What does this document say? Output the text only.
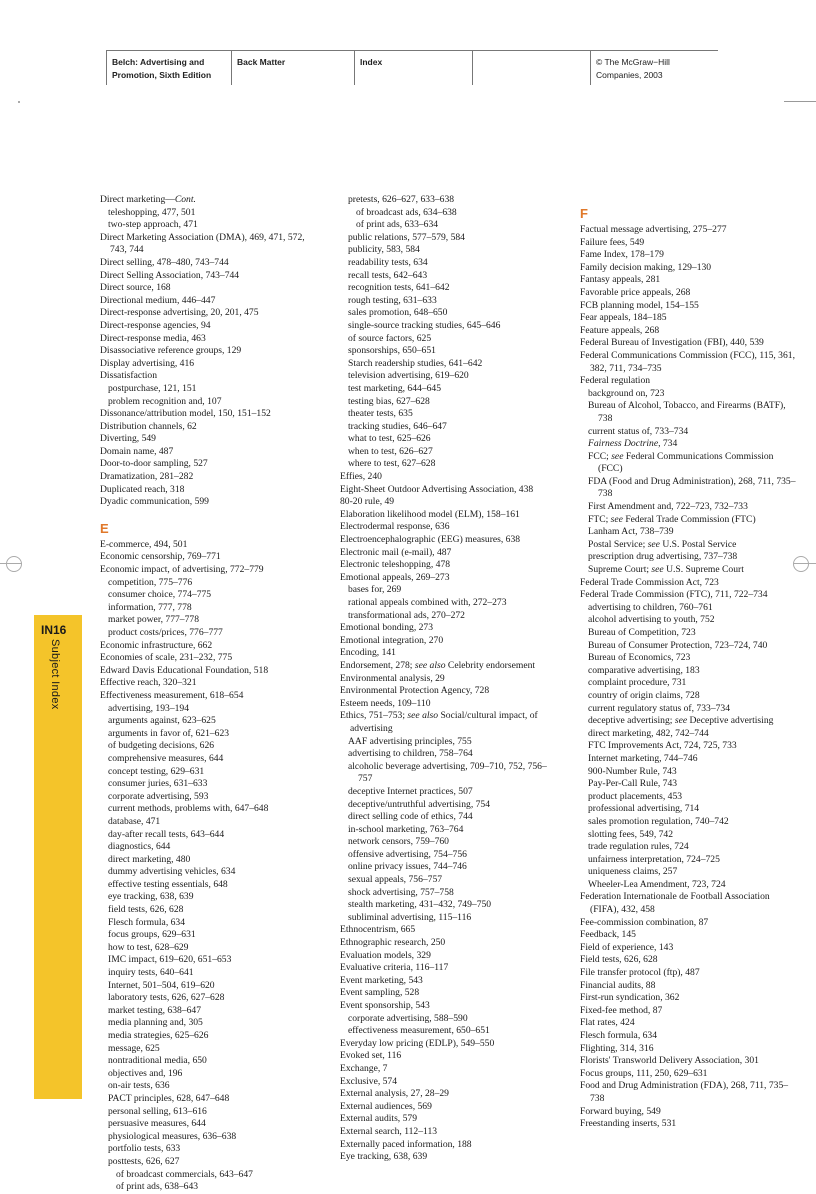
Belch: Advertising and
Promotion, Sixth Edition
Back Matter	Index	© The McGraw−Hill
Companies, 2003
IN16
Subject Index
Direct marketing—Cont.
teleshopping, 477, 501
two-step approach, 471
Direct Marketing Association (DMA), 469, 471, 572, 743, 744
Direct selling, 478–480, 743–744
Direct Selling Association, 743–744
Direct source, 168
Directional medium, 446–447
Direct-response advertising, 20, 201, 475
Direct-response agencies, 94
Direct-response media, 463
Disassociative reference groups, 129
Display advertising, 416
Dissatisfaction
postpurchase, 121, 151
problem recognition and, 107
Dissonance/attribution model, 150, 151–152
Distribution channels, 62
Diverting, 549
Domain name, 487
Door-to-door sampling, 527
Dramatization, 281–282
Duplicated reach, 318
Dyadic communication, 599
E
E-commerce, 494, 501
Economic censorship, 769–771
Economic impact, of advertising, 772–779
competition, 775–776
consumer choice, 774–775
information, 777, 778
market power, 777–778
product costs/prices, 776–777
Economic infrastructure, 662
Economies of scale, 231–232, 775
Edward Davis Educational Foundation, 518
Effective reach, 320–321
Effectiveness measurement, 618–654
advertising, 193–194
arguments against, 623–625
arguments in favor of, 621–623
of budgeting decisions, 626
comprehensive measures, 644
concept testing, 629–631
consumer juries, 631–633
corporate advertising, 593
current methods, problems with, 647–648
database, 471
day-after recall tests, 643–644
diagnostics, 644
direct marketing, 480
dummy advertising vehicles, 634
effective testing essentials, 648
eye tracking, 638, 639
field tests, 626, 628
Flesch formula, 634
focus groups, 629–631
how to test, 628–629
IMC impact, 619–620, 651–653
inquiry tests, 640–641
Internet, 501–504, 619–620
laboratory tests, 626, 627–628
market testing, 638–647
media planning and, 305
media strategies, 625–626
message, 625
nontraditional media, 650
objectives and, 196
on-air tests, 636
PACT principles, 628, 647–648
personal selling, 613–616
persuasive measures, 644
physiological measures, 636–638
portfolio tests, 633
posttests, 626, 627
of broadcast commercials, 643–647
of print ads, 638–643
pretests, 626–627, 633–638
of broadcast ads, 634–638
of print ads, 633–634
public relations, 577–579, 584
publicity, 583, 584
readability tests, 634
recall tests, 642–643
recognition tests, 641–642
rough testing, 631–633
sales promotion, 648–650
single-source tracking studies, 645–646
of source factors, 625
sponsorships, 650–651
Starch readership studies, 641–642
television advertising, 619–620
test marketing, 644–645
testing bias, 627–628
theater tests, 635
tracking studies, 646–647
what to test, 625–626
when to test, 626–627
where to test, 627–628
Effies, 240
Eight-Sheet Outdoor Advertising Association, 438
80-20 rule, 49
Elaboration likelihood model (ELM), 158–161
Electrodermal response, 636
Electroencephalographic (EEG) measures, 638
Electronic mail (e-mail), 487
Electronic teleshopping, 478
Emotional appeals, 269–273
bases for, 269
rational appeals combined with, 272–273
transformational ads, 270–272
Emotional bonding, 273
Emotional integration, 270
Encoding, 141
Endorsement, 278; see also Celebrity endorsement
Environmental analysis, 29
Environmental Protection Agency, 728
Esteem needs, 109–110
Ethics, 751–753; see also Social/cultural impact, of advertising
AAF advertising principles, 755
advertising to children, 758–764
alcoholic beverage advertising, 709–710, 752, 756–757
deceptive Internet practices, 507
deceptive/untruthful advertising, 754
direct selling code of ethics, 744
in-school marketing, 763–764
network censors, 759–760
offensive advertising, 754–756
online privacy issues, 744–746
sexual appeals, 756–757
shock advertising, 757–758
stealth marketing, 431–432, 749–750
subliminal advertising, 115–116
Ethnocentrism, 665
Ethnographic research, 250
Evaluation models, 329
Evaluative criteria, 116–117
Event marketing, 543
Event sampling, 528
Event sponsorship, 543
corporate advertising, 588–590
effectiveness measurement, 650–651
Everyday low pricing (EDLP), 549–550
Evoked set, 116
Exchange, 7
Exclusive, 574
External analysis, 27, 28–29
External audiences, 569
External audits, 579
External search, 112–113
Externally paced information, 188
Eye tracking, 638, 639
F
Factual message advertising, 275–277
Failure fees, 549
Fame Index, 178–179
Family decision making, 129–130
Fantasy appeals, 281
Favorable price appeals, 268
FCB planning model, 154–155
Fear appeals, 184–185
Feature appeals, 268
Federal Bureau of Investigation (FBI), 440, 539
Federal Communications Commission (FCC), 115, 361, 382, 711, 734–735
Federal regulation
background on, 723
Bureau of Alcohol, Tobacco, and Firearms (BATF), 738
current status of, 733–734
Fairness Doctrine, 734
FCC; see Federal Communications Commission (FCC)
FDA (Food and Drug Administration), 268, 711, 735–738
First Amendment and, 722–723, 732–733
FTC; see Federal Trade Commission (FTC)
Lanham Act, 738–739
Postal Service; see U.S. Postal Service
prescription drug advertising, 737–738
Supreme Court; see U.S. Supreme Court
Federal Trade Commission Act, 723
Federal Trade Commission (FTC), 711, 722–734
advertising to children, 760–761
alcohol advertising to youth, 752
Bureau of Competition, 723
Bureau of Consumer Protection, 723–724, 740
Bureau of Economics, 723
comparative advertising, 183
complaint procedure, 731
country of origin claims, 728
current regulatory status of, 733–734
deceptive advertising; see Deceptive advertising
direct marketing, 482, 742–744
FTC Improvements Act, 724, 725, 733
Internet marketing, 744–746
900-Number Rule, 743
Pay-Per-Call Rule, 743
product placements, 453
professional advertising, 714
sales promotion regulation, 740–742
slotting fees, 549, 742
trade regulation rules, 724
unfairness interpretation, 724–725
uniqueness claims, 257
Wheeler-Lea Amendment, 723, 724
Federation Internationale de Football Association (FIFA), 432, 458
Fee-commission combination, 87
Feedback, 145
Field of experience, 143
Field tests, 626, 628
File transfer protocol (ftp), 487
Financial audits, 88
First-run syndication, 362
Fixed-fee method, 87
Flat rates, 424
Flesch formula, 634
Flighting, 314, 316
Florists' Transworld Delivery Association, 301
Focus groups, 111, 250, 629–631
Food and Drug Administration (FDA), 268, 711, 735–738
Forward buying, 549
Freestanding inserts, 531
